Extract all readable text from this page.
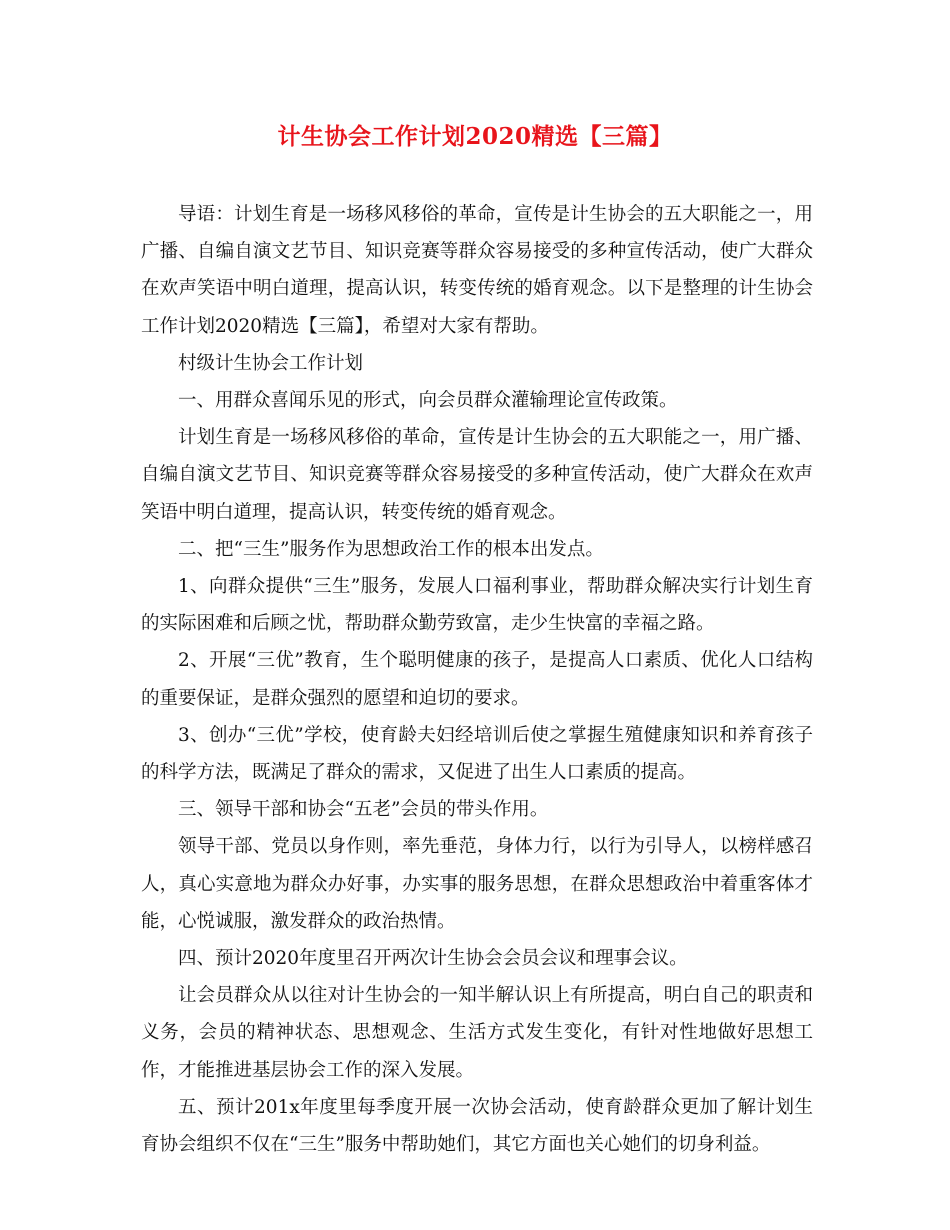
计生协会工作计划2020精选【三篇】

导语：计划生育是一场移风移俗的革命，宣传是计生协会的五大职能之一，用广播、自编自演文艺节目、知识竞赛等群众容易接受的多种宣传活动，使广大群众在欢声笑语中明白道理，提高认识，转变传统的婚育观念。以下是整理的计生协会工作计划2020精选【三篇】，希望对大家有帮助。

村级计生协会工作计划

一、用群众喜闻乐见的形式，向会员群众灌输理论宣传政策。

计划生育是一场移风移俗的革命，宣传是计生协会的五大职能之一，用广播、自编自演文艺节目、知识竞赛等群众容易接受的多种宣传活动，使广大群众在欢声笑语中明白道理，提高认识，转变传统的婚育观念。

二、把“三生”服务作为思想政治工作的根本出发点。

1、向群众提供“三生”服务，发展人口福利事业，帮助群众解决实行计划生育的实际困难和后顾之忧，帮助群众勤劳致富，走少生快富的幸福之路。

2、开展“三优”教育，生个聪明健康的孩子，是提高人口素质、优化人口结构的重要保证，是群众强烈的愿望和迫切的要求。

3、创办“三优”学校，使育龄夫妇经培训后使之掌握生殖健康知识和养育孩子的科学方法，既满足了群众的需求，又促进了出生人口素质的提高。

三、领导干部和协会“五老”会员的带头作用。

领导干部、党员以身作则，率先垂范，身体力行，以行为引导人，以榜样感召人，真心实意地为群众办好事，办实事的服务思想，在群众思想政治中着重客体才能，心悦诚服，激发群众的政治热情。

四、预计2020年度里召开两次计生协会会员会议和理事会议。

让会员群众从以往对计生协会的一知半解认识上有所提高，明白自己的职责和义务，会员的精神状态、思想观念、生活方式发生变化，有针对性地做好思想工作，才能推进基层协会工作的深入发展。

五、预计201x年度里每季度开展一次协会活动，使育龄群众更加了解计划生育协会组织不仅在“三生”服务中帮助她们，其它方面也关心她们的切身利益。
